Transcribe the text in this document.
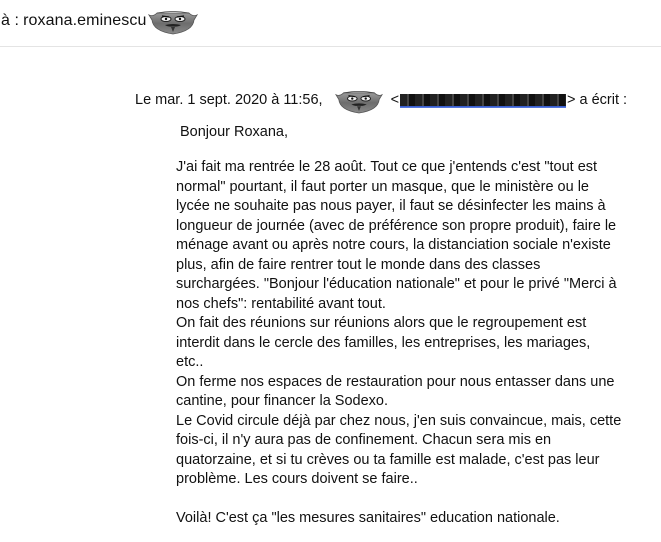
à : roxana.eminescu
Le mar. 1 sept. 2020 à 11:56,	<	> a écrit :
Bonjour Roxana,
J'ai fait ma rentrée le 28 août. Tout ce que j'entends c'est "tout est
normal" pourtant, il faut porter un masque, que le ministère ou le
lycée ne souhaite pas nous payer, il faut se désinfecter les mains à
longueur de journée (avec de préférence son propre produit), faire le
ménage avant ou après notre cours, la distanciation sociale n'existe
plus, afin de faire rentrer tout le monde dans des classes
surchargées. "Bonjour l'éducation nationale" et pour le privé "Merci à
nos chefs": rentabilité avant tout.
On fait des réunions sur réunions alors que le regroupement est
interdit dans le cercle des familles, les entreprises, les mariages,
etc..
On ferme nos espaces de restauration pour nous entasser dans une
cantine, pour financer la Sodexo.
Le Covid circule déjà par chez nous, j'en suis convaincue, mais, cette
fois-ci, il n'y aura pas de confinement. Chacun sera mis en
quatorzaine, et si tu crèves ou ta famille est malade, c'est pas leur
problème. Les cours doivent se faire..
Voilà! C'est ça "les mesures sanitaires" education nationale.
